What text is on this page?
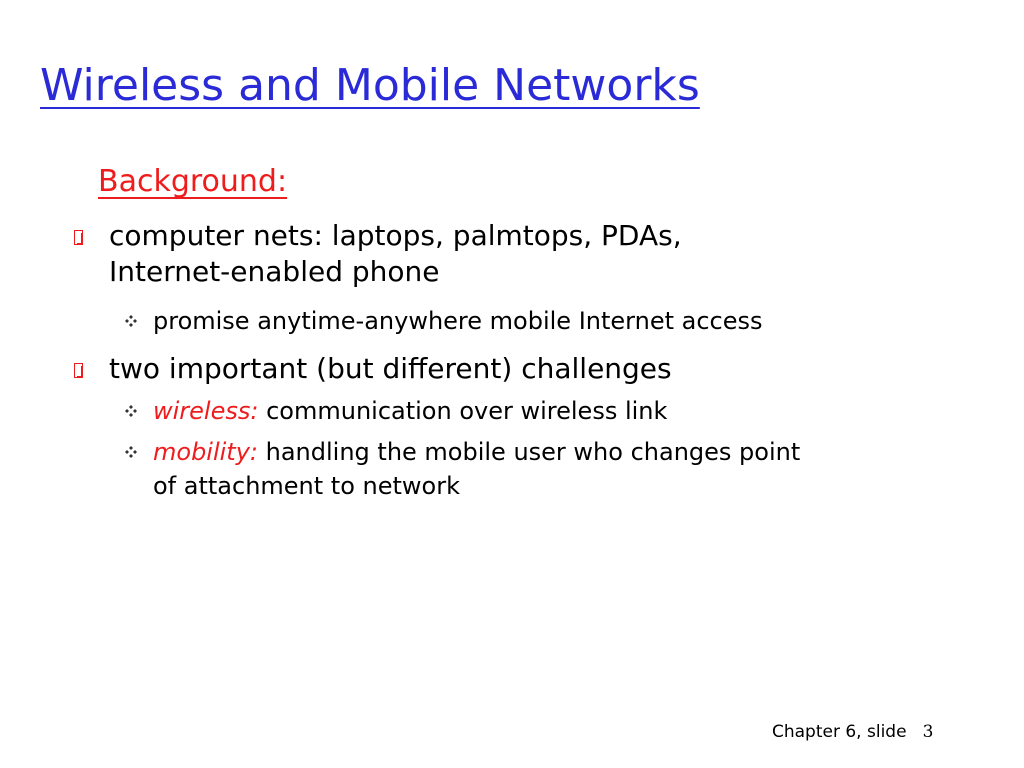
Wireless and Mobile Networks
Background:
computer nets: laptops, palmtops, PDAs,
Internet-enabled phone
promise anytime-anywhere mobile Internet access
two important (but different) challenges
wireless: communication over wireless link
mobility: handling the mobile user who changes point
of attachment to network
Chapter 6, slide 3
